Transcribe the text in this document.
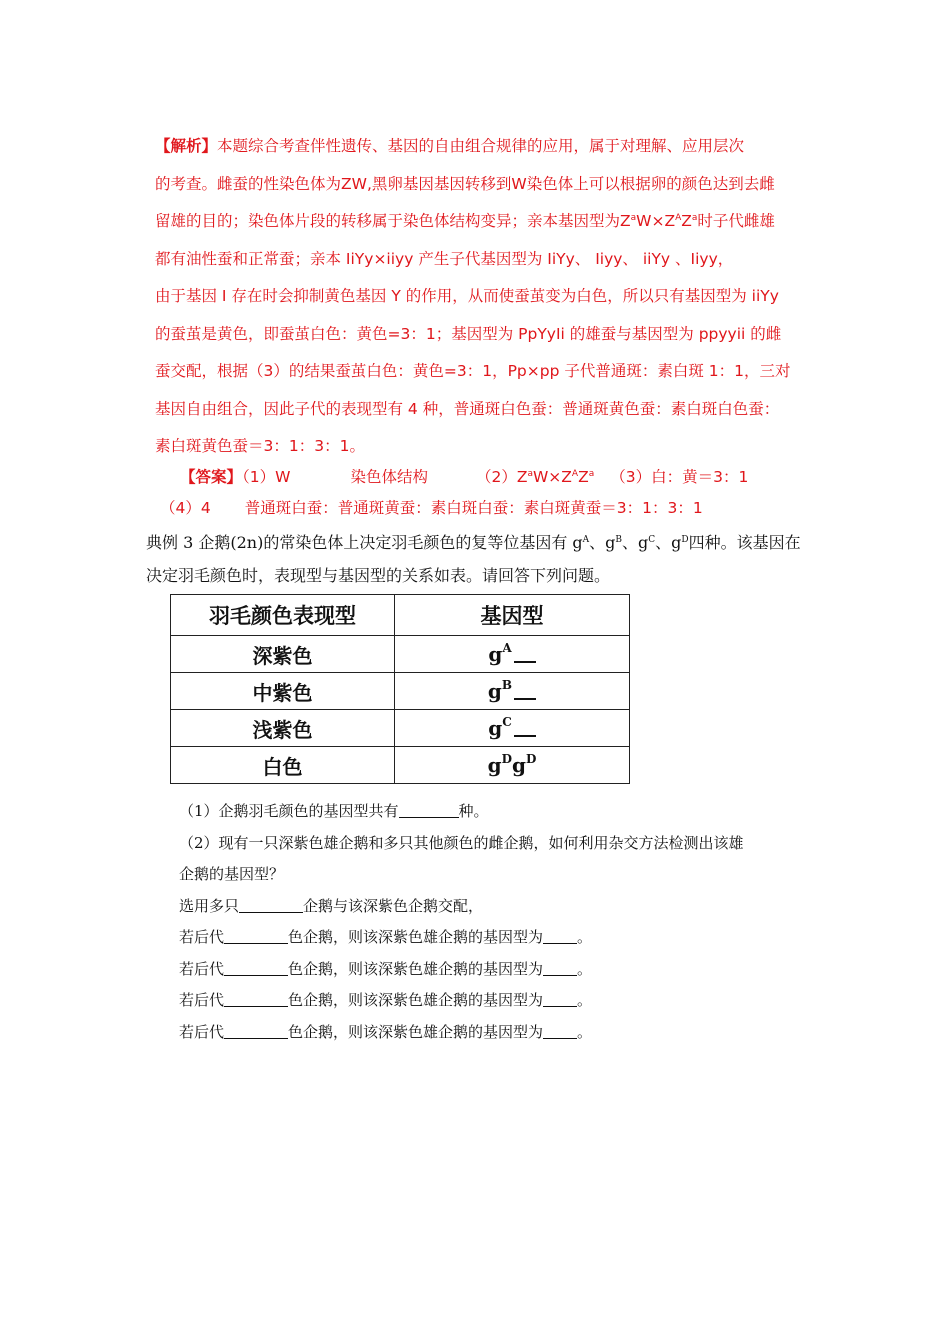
【解析】本题综合考查伴性遗传、基因的自由组合规律的应用，属于对理解、应用层次
的考查。雌蚕的性染色体为ZW,黑卵基因基因转移到W染色体上可以根据卵的颜色达到去雌
留雄的目的；染色体片段的转移属于染色体结构变异；亲本基因型为$Z^aW\times Z^AZ^a$时子代雌雄
都有油性蚕和正常蚕；亲本 IiYy×iiyy 产生子代基因型为 IiYy、 Iiyy、 iiYy 、Iiyy，
由于基因 I 存在时会抑制黄色基因 Y 的作用，从而使蚕茧变为白色，所以只有基因型为 iiYy
的蚕茧是黄色，即蚕茧白色：黄色=3：1；基因型为 PpYyIi 的雄蚕与基因型为 ppyyii 的雌
蚕交配，根据（3）的结果蚕茧白色：黄色=3：1，Pp×pp 子代普通斑：素白斑 1：1，三对
基因自由组合，因此子代的表现型有 4 种，普通斑白色蚕：普通斑黄色蚕：素白斑白色蚕：
素白斑黄色蚕＝3：1：3：1。
【答案】（1）W	染色体结构	$(2)Z^aW\times Z^AZ^a$ （3）白：黄＝3：1
（4）4 普通斑白蚕：普通斑黄蚕：素白斑白蚕：素白斑黄蚕＝3：1：3：1
典例 3 企鹅(2n)的常染色体上决定羽毛颜色的复等位基因有 $g^A$、$g^B$、$g^C$、$g^D$四种。该基因在
决定羽毛颜色时，表现型与基因型的关系如表。请回答下列问题。
羽毛颜色表现型	基因型
深紫色	$g^A$
中紫色	$g^B$
浅紫色	$g^C$
白色	$g^Dg^D$
（1）企鹅羽毛颜色的基因型共有	种。
（2）现有一只深紫色雄企鹅和多只其他颜色的雌企鹅，如何利用杂交方法检测出该雄
企鹅的基因型？
选用多只	企鹅与该深紫色企鹅交配，
若后代	色企鹅，则该深紫色雄企鹅的基因型为 。
若后代	色企鹅，则该深紫色雄企鹅的基因型为 。
若后代	色企鹅，则该深紫色雄企鹅的基因型为 。
若后代	色企鹅，则该深紫色雄企鹅的基因型为 。
